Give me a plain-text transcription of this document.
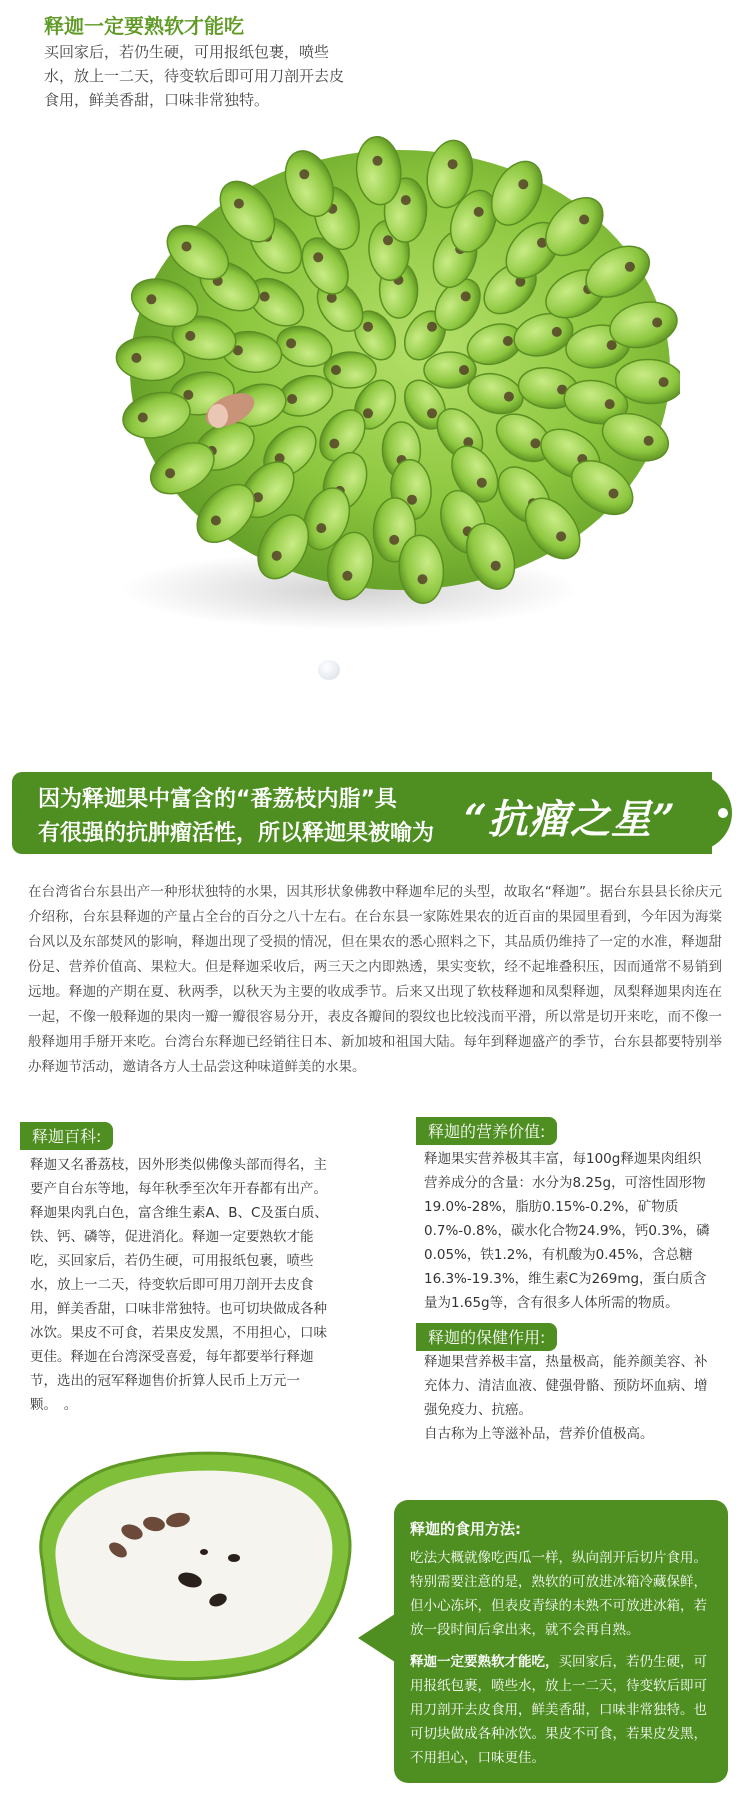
释迦一定要熟软才能吃
买回家后，若仍生硬，可用报纸包裹，喷些水，放上一二天，待变软后即可用刀剖开去皮食用，鲜美香甜，口味非常独特。
因为释迦果中富含的“番荔枝内脂”具
有很强的抗肿瘤活性，所以释迦果被喻为 “抗瘤之星”
在台湾省台东县出产一种形状独特的水果，因其形状象佛教中释迦牟尼的头型，故取名“释迦”。据台东县县长徐庆元介绍称，台东县释迦的产量占全台的百分之八十左右。在台东县一家陈姓果农的近百亩的果园里看到，今年因为海棠台风以及东部焚风的影响，释迦出现了受损的情况，但在果农的悉心照料之下，其品质仍维持了一定的水准，释迦甜份足、营养价值高、果粒大。但是释迦采收后，两三天之内即熟透，果实变软，经不起堆叠积压，因而通常不易销到远地。释迦的产期在夏、秋两季，以秋天为主要的收成季节。后来又出现了软枝释迦和凤梨释迦，凤梨释迦果肉连在一起，不像一般释迦的果肉一瓣一瓣很容易分开，表皮各瓣间的裂纹也比较浅而平滑，所以常是切开来吃，而不像一般释迦用手掰开来吃。台湾台东释迦已经销往日本、新加坡和祖国大陆。每年到释迦盛产的季节，台东县都要特别举办释迦节活动，邀请各方人士品尝这种味道鲜美的水果。
释迦百科:
释迦又名番荔枝，因外形类似佛像头部而得名，主要产自台东等地，每年秋季至次年开春都有出产。释迦果肉乳白色，富含维生素A、B、C及蛋白质、铁、钙、磷等，促进消化。释迦一定要熟软才能吃，买回家后，若仍生硬，可用报纸包裹，喷些水，放上一二天，待变软后即可用刀剖开去皮食用，鲜美香甜，口味非常独特。也可切块做成各种冰饮。果皮不可食，若果皮发黑，不用担心，口味更佳。释迦在台湾深受喜爱，每年都要举行释迦节，选出的冠军释迦售价折算人民币上万元一颗。　。
释迦的营养价值:
释迦果实营养极其丰富，每100g释迦果肉组织营养成分的含量：水分为8.25g，可溶性固形物19.0%-28%，脂肪0.15%-0.2%，矿物质0.7%-0.8%，碳水化合物24.9%，钙0.3%，磷0.05%，铁1.2%，有机酸为0.45%，含总糖16.3%-19.3%，维生素C为269mg，蛋白质含量为1.65g等，含有很多人体所需的物质。
释迦的保健作用:
释迦果营养极丰富，热量极高，能养颜美容、补充体力、清洁血液、健强骨骼、预防坏血病、增强免疫力、抗癌。
自古称为上等滋补品，营养价值极高。
释迦的食用方法:
吃法大概就像吃西瓜一样，纵向剖开后切片食用。特别需要注意的是，熟软的可放进冰箱冷藏保鲜，但小心冻坏，但表皮青绿的未熟不可放进冰箱，若放一段时间后拿出来，就不会再自熟。
释迦一定要熟软才能吃，买回家后，若仍生硬，可用报纸包裹，喷些水，放上一二天，待变软后即可用刀剖开去皮食用，鲜美香甜，口味非常独特。也可切块做成各种冰饮。果皮不可食，若果皮发黑，不用担心，口味更佳。
